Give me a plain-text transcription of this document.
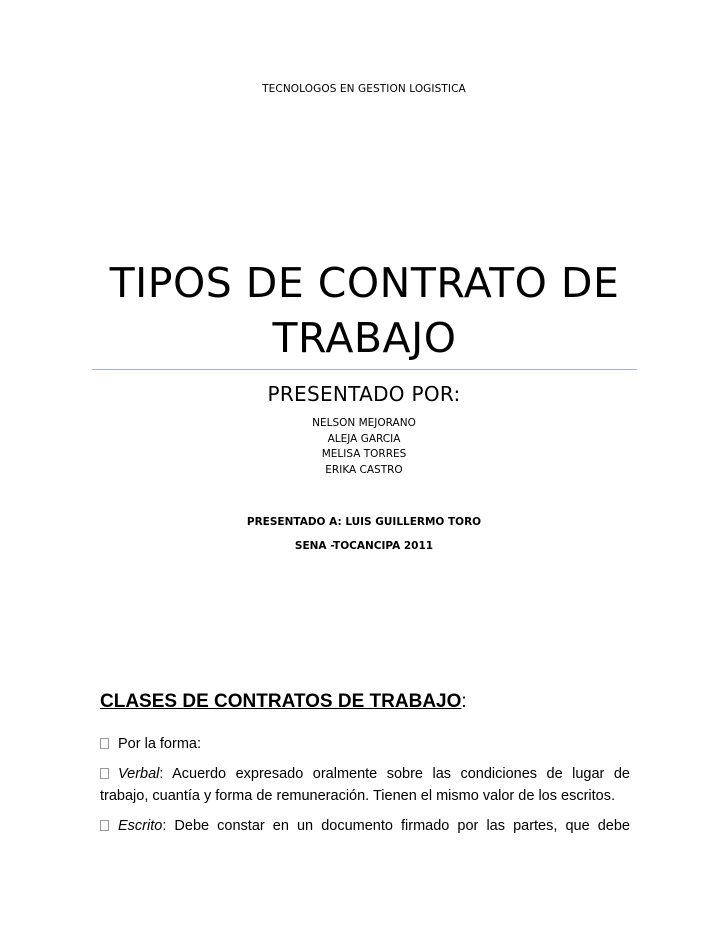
TECNOLOGOS EN GESTION LOGISTICA
TIPOS DE CONTRATO DE
TRABAJO
PRESENTADO POR:
NELSON MEJORANO
ALEJA GARCIA
MELISA TORRES
ERIKA CASTRO
PRESENTADO A: LUIS GUILLERMO TORO
SENA -TOCANCIPA 2011
CLASES DE CONTRATOS DE TRABAJO:
Por la forma:
Verbal: Acuerdo expresado oralmente sobre las condiciones de lugar de
trabajo, cuantía y forma de remuneración. Tienen el mismo valor de los escritos.
Escrito: Debe constar en un documento firmado por las partes, que debe
